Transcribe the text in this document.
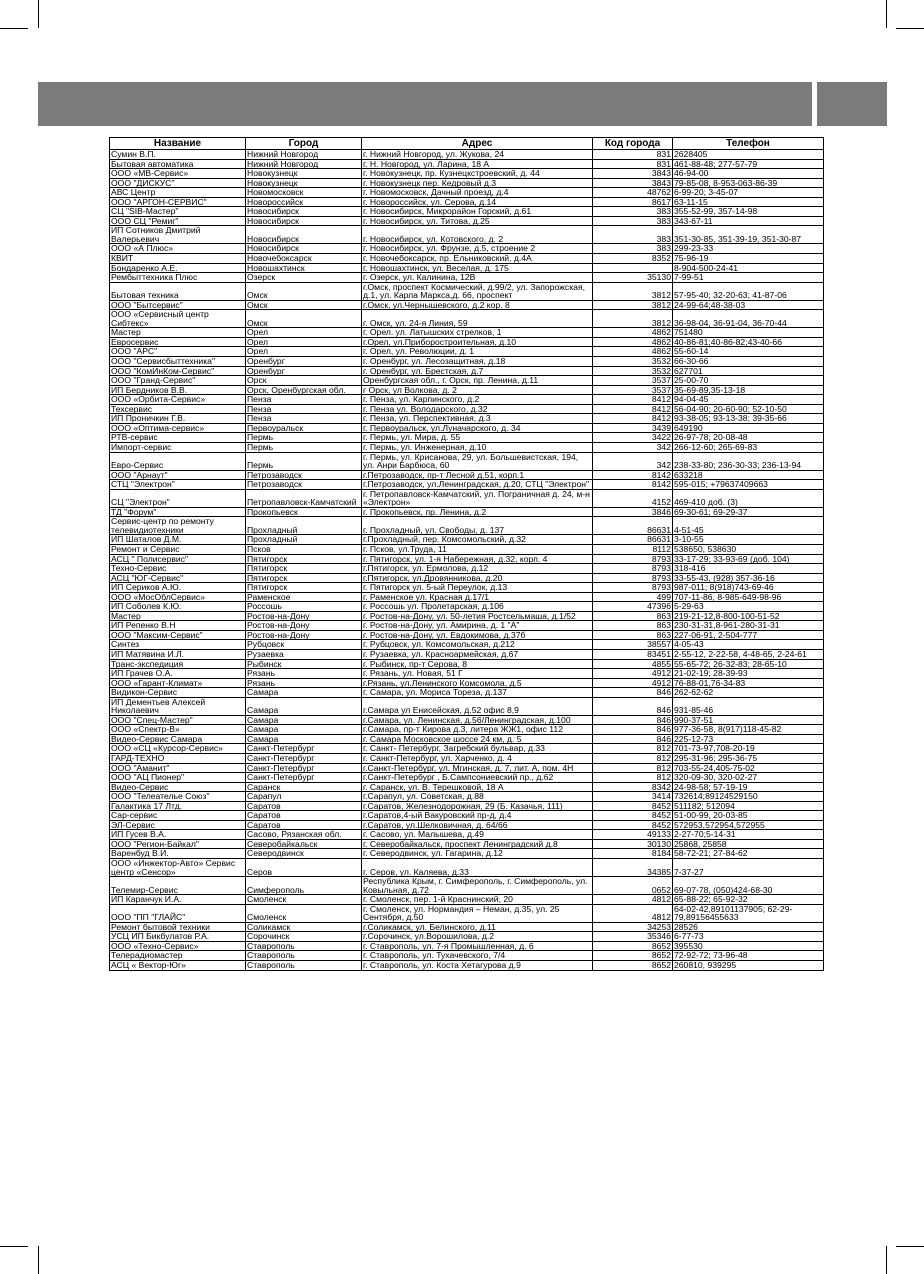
Название	Город	Адрес	Код города	Телефон
Сумин В.П.	Нижний Новгород	г. Нижний Новгород, ул. Жукова, 24	831	2628405
Бытовая автоматика	Нижний Новгород	г. Н. Новгород, ул. Ларина, 18 А	831	461-88-48; 277-57-79
ООО «МВ-Сервис»	Новокузнецк	г. Новокузнецк, пр. Кузнецкстроевский, д. 44	3843	46-94-00
ООО "ДИСКУС"	Новокузнецк	г. Новокузнецк пер. Кедровый д.3	3843	79-85-08, 8-953-063-86-39
АВС Центр	Новомосковск	г. Новомосковск, Дачный проезд, д.4	48762	6-99-20; 3-45-07
ООО "АРГОН-СЕРВИС"	Новороссийск	г. Новороссийск, ул. Серова, д.14	8617	63-11-15
СЦ "SIB-Мастер"	Новосибирск	г. Новосибирск, Микрорайон Горский, д.61	383	355-52-99, 357-14-98
ООО СЦ "Ремиг"	Новосибирск	г. Новосибирск, ул. Титова, д.25	383	343-67-11
ИП Сотников Дмитрий Валерьевич	Новосибирск	г. Новосибирск, ул. Котовского, д. 2	383	351-30-85, 351-39-19, 351-30-87
ООО «А Плюс»	Новосибирск	г. Новосибирск, ул. Фрунзе, д.5, строение 2	383	299-23-33
КВИТ	Новочебоксарск	г. Новочебоксарск, пр. Ельниковский, д.4А	8352	75-96-19
Бондаренко А.Е.	Новошахтинск	г. Новошахтинск, ул. Веселая, д. 175		8-904-500-24-41
Рембыттехника Плюс	Озерск	г. Озерск, ул. Калинина, 12В	35130	7-99-51
Бытовая техника	Омск	г.Омск, проспект Космический, д.99/2, ул. Запорожская, д.1, ул. Карла Маркса,д. 66, проспект	3812	57-95-40; 32-20-63; 41-87-06
ООО "Бытсервис"	Омск	г.Омск, ул.Чернышевского, д.2 кор. 8	3812	24-99-64;48-38-03
ООО «Сервисный центр Сибтекс»	Омск	г. Омск, ул. 24-я Линия, 59	3812	36-98-04, 36-91-04, 36-70-44
Мастер	Орел	г. Орел. ул. Латышских стрелков, 1	4862	751480
Евросервис	Орел	г.Орел, ул.Приборостроительная, д.10	4862	40-86-81;40-86-82;43-40-66
ООО "АРС"	Орел	г. Орел, ул. Революции, д. 1	4862	55-60-14
ООО "Сервисбыттехника"	Оренбург	г. Оренбург, ул. Лесозащитная, д.18	3532	66-30-66
ООО "КомИнКом-Сервис"	Оренбург	г. Оренбург, ул. Брестская, д.7	3532	627701
ООО "Гранд-Сервис"	Орск	Оренбургская обл., г. Орск, пр. Ленина, д.11	3537	25-00-70
ИП Бердников В.В.	Орск, Оренбургская обл.	г Орск, ул Волкова, д. 2	3537	35-69-89,35-13-18
ООО «Орбита-Сервис»	Пенза	г. Пенза, ул. Карпинского, д.2	8412	94-04-45
Техсервис	Пенза	г. Пенза ул. Володарского, д.32	8412	56-04-90; 20-60-90; 52-10-50
ИП Проничкин Г.В.	Пенза	г. Пенза, ул. Перспективная, д.3	8412	93-38-05; 93-13-38; 39-35-66
ООО «Оптима-сервис»	Первоуральск	г. Первоуральск, ул.Луначарского, д. 34	3439	649190
РТВ-сервис	Пермь	г. Пермь, ул. Мира, д. 55	3422	26-97-78; 20-08-48
Импорт-сервис	Пермь	г. Пермь, ул. Инженерная, д.10	342	266-12-60; 265-69-83
Евро-Сервис	Пермь	г. Пермь, ул. Крисанова, 29, ул. Большевистская, 194, ул. Анри Барбюса, 60	342	238-33-80; 236-30-33; 236-13-94
ООО "Арнаут"	Петрозаводск	г.Петрозаводск, пр-т Лесной д.51, корп.1	8142	633218
СТЦ "Электрон"	Петрозаводск	г.Петрозаводск, ул.Ленинградская, д.20, СТЦ "Электрон"	8142	595-015; +79637409663
СЦ "Электрон"	Петропавловск-Камчатский	г. Петропавловск-Камчатский, ул. Пограничная д. 24, м-н «Электрон»	4152	469-410 доб. (3)
ТД "Форум"	Прокопьевск	г. Прокопьевск, пр. Ленина, д.2	3846	69-30-61; 69-29-37
Сервис-центр по ремонту телевидиотехники	Прохладный	г. Прохладный, ул. Свободы, д. 137	86631	4-51-45
ИП Шаталов Д.М.	Прохладный	г.Прохладный, пер. Комсомольский, д.32	86631	3-10-55
Ремонт и Сервис	Псков	г. Псков, ул.Труда, 11	8112	538650, 538630
АСЦ " Полисервис"	Пятигорск	г. Пятигорск, ул. 1-я Набережная, д.32, корп. 4	8793	33-17-29; 33-93-69 (доб. 104)
Техно-Сервис	Пятигорск	г.Пятигорск, ул. Ермолова, д.12	8793	318-416
АСЦ "ЮГ-Сервис"	Пятигорск	г.Пятигорск, ул.Дровянникова, д.20	8793	33-55-43, (928) 357-36-16
ИП Сериков А.Ю.	Пятигорск	г. Пятигорск ул. 5-ый Переулок, д.13	8793	987-011; 8(918)743-69-46
ООО «МосОблСервис»	Раменское	г. Раменское ул. Красная д.17/1	499	707-11-86, 8-985-649-98-96
ИП Соболев К.Ю.	Россошь	г. Россошь ул. Пролетарская, д.106	47396	5-29-63
Мастер	Ростов-на-Дону	г. Ростов-на-Дону, ул. 50-летия Ростсельмаша, д.1/52	863	219-21-12,8-800-100-51-52
ИП Репенко В.Н	Ростов-на-Дону	г. Ростов-на-Дону, ул. Амирина, д. 1 "А"	863	230-31-31,8-961-280-31-31
ООО "Максим-Сервис"	Ростов-на-Дону	г. Ростов-на-Дону, ул. Евдокимова, д.37б	863	227-06-91, 2-504-777
Синтез	Рубцовск	г. Рубцовск, ул. Комсомольская, д.212	38557	4-05-43
ИП Матявина И.Л.	Рузаевка	г. Рузаевка, ул. Красноармейская, д.67	83451	2-55-12, 2-22-58, 4-48-65, 2-24-61
Транс-экспедиция	Рыбинск	г. Рыбинск, пр-т Серова, 8	4855	55-65-72; 26-32-83; 28-65-10
ИП Грачев О.А.	Рязань	г. Рязань, ул. Новая, 51 Г	4912	21-02-19; 28-39-93
ООО «Гарант-Климат»	Рязань	г.Рязань, ул.Ленинского Комсомола, д.5	4912	76-88-01,76-34-83
Видикон-Сервис	Самара	г. Самара, ул. Мориса Тореза, д.137	846	262-62-62
ИП Дементьев Алексей Николаевич	Самара	г.Самара ул Енисейская, д.52 офис 8,9	846	931-85-46
ООО "Спец-Мастер"	Самара	г.Самара, ул. Ленинская, д.56/Ленинградская, д.100	846	990-37-51
ООО «Спектр-В»	Самара	г.Самара, пр-т Кирова д.3, литера ЖЖ1, офис 112	846	977-36-58, 8(917)118-45-82
Видео-Сервис Самара	Самара	г. Самара Московское шоссе 24 км, д. 5	846	225-12-73
ООО «СЦ «Курсор-Сервис»	Санкт-Петербург	г. Санкт- Петербург, Загребский бульвар, д.33	812	701-73-97,708-20-19
ГАРД-ТЕХНО	Санкт-Петербург	г. Санкт-Петербург, ул. Харченко, д. 4	812	295-31-96; 295-36-75
ООО "Аманит"	Санкт-Петербург	г.Санкт-Петербург, ул. Мгинская, д. 7, лит. А, пом. 4Н	812	703-55-24,405-75-02
ООО "АЦ Пионер"	Санкт-Петербург	г.Санкт-Петербург , Б.Сампсониевский пр., д.62	812	320-09-30, 320-02-27
Видео-Сервис	Саранск	г. Саранск, ул. В. Терешковой, 18 А	8342	24-98-58; 57-19-19
ООО "Телеательe Союз"	Сарапул	г.Сарапул, ул. Советская, д.88	3414	732614;89124529150
Галактика 17 Лтд.	Саратов	г.Саратов, Железнодорожная, 29 (Б. Казачья, 111)	8452	511182; 512094
Сар-сервис	Саратов	г.Саратов,4-ый Вакуровский пр-д, д.4	8452	51-00-99, 20-03-85
ЭЛ-Сервис	Саратов	г.Саратов, ул.Шелковичная, д. 64/66	8452	572953,572954,572955
ИП Гусев В.А.	Сасово, Рязанская обл.	г. Сасово, ул. Малышева, д.49	49133	2-27-70;5-14-31
ООО "Регион-Байкал"	Северобайкальск	г. Северобайкальск, проспект Ленинградский д.8	30130	25868, 25858
Варенбуд В.И.	Северодвинск	г. Северодвинск, ул. Гагарина, д.12	8184	58-72-21; 27-84-62
ООО «Инжектор-Авто» Сервис центр «Сенсор»	Серов	г. Серов, ул. Каляева, д.33	34385	7-37-27
Телемир-Сервис	Симферополь	Республика Крым, г. Симферополь, г. Симферополь, ул. Ковыльная, д.72	0652	69-07-78, (050)424-68-30
ИП Каранчук И.А.	Смоленск	г. Смоленск, пер. 1-й Краснинский, 20	4812	65-88-22; 65-92-32
ООО "ПП "ГЛАЙС"	Смоленск	г. Смоленск, ул. Нормандия – Неман, д.35, ул. 25 Сентября, д.50	4812	64-02-42,89101137905; 62-29-79,89156455633
Ремонт бытовой техники	Соликамск	г.Соликамск, ул. Белинского, д.11	34253	28526
УСЦ ИП Бикбулатов Р.А.	Сорочинск	г.Сорочинск, ул.Ворошилова, д.2	35346	6-77-73
ООО «Техно-Сервис»	Ставрополь	г. Ставрополь, ул. 7-я Промышленная, д. 6	8652	395530
Телерадиомастер	Ставрополь	г. Ставрополь, ул. Тухачевского, 7/4	8652	72-92-72; 73-96-48
АСЦ « Вектор-Юг»	Ставрополь	г. Ставрополь, ул. Коста Хетагурова д.9	8652	260810, 939295
